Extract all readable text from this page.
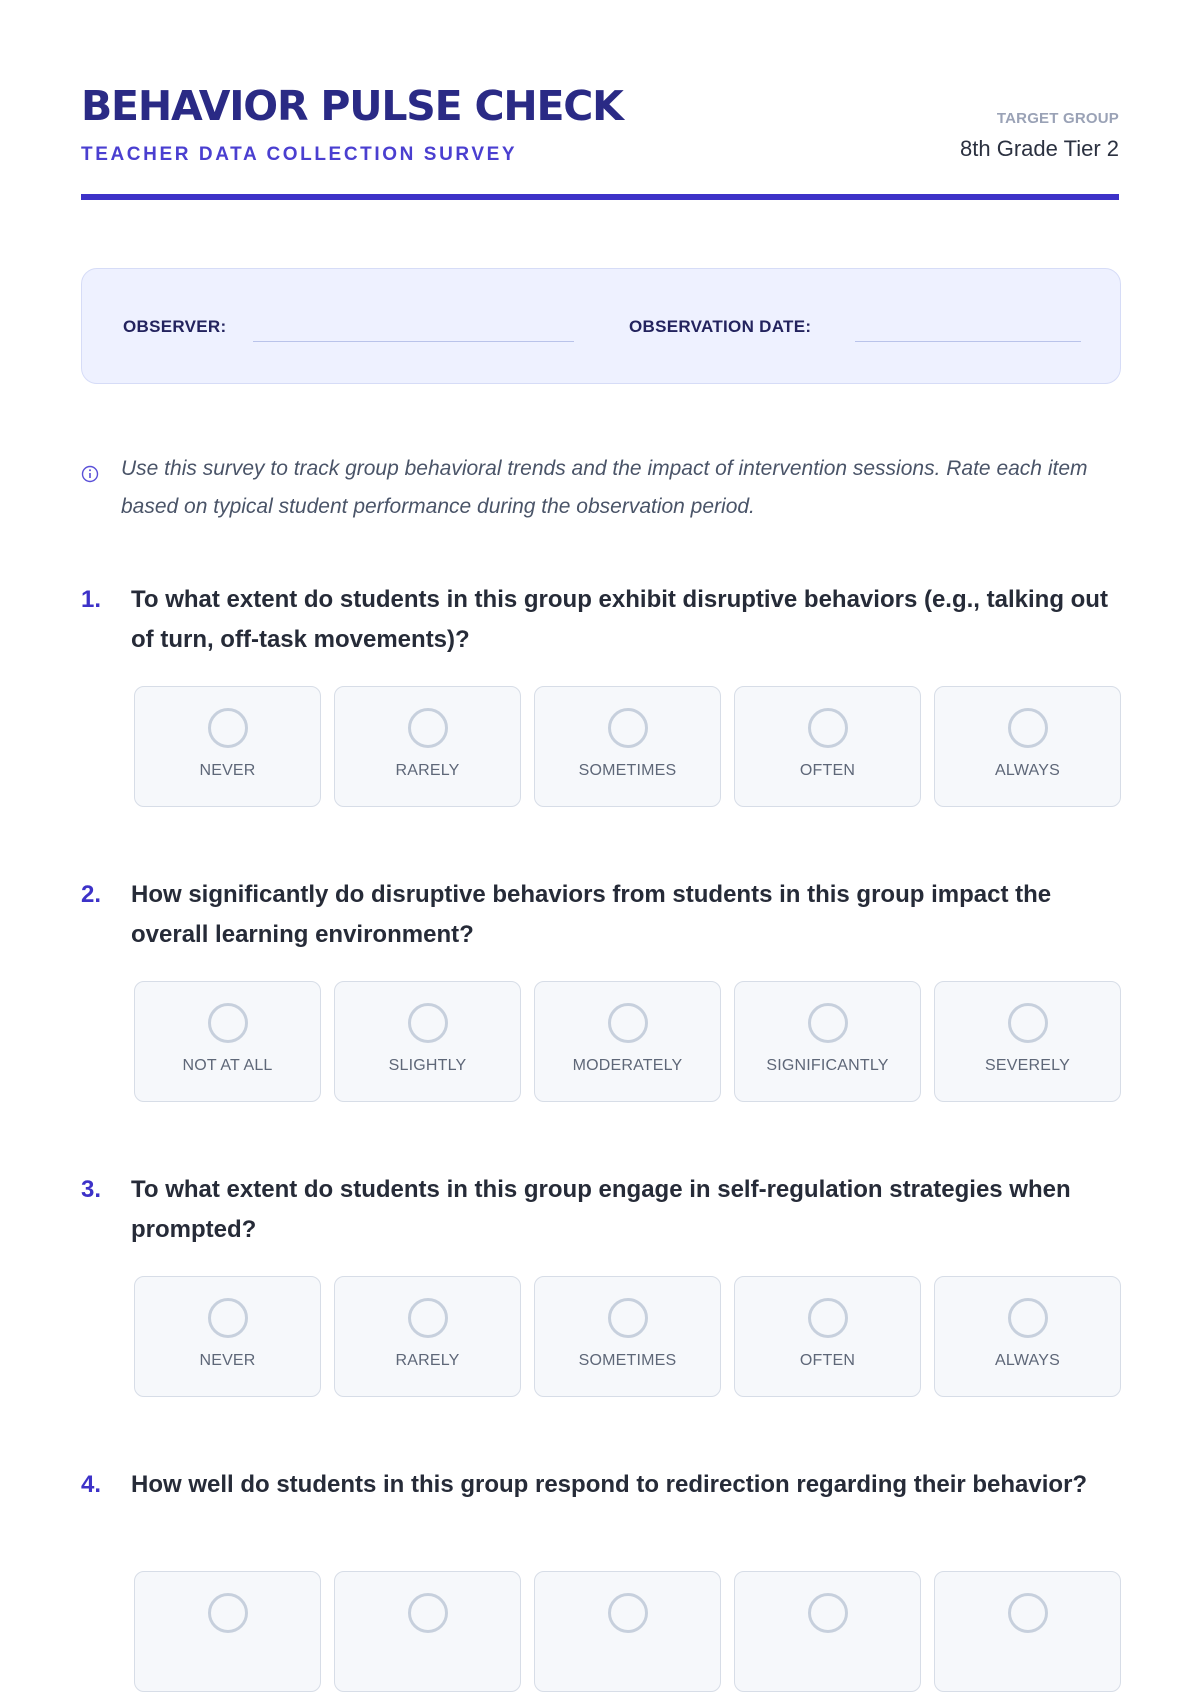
BEHAVIOR PULSE CHECK
TEACHER DATA COLLECTION SURVEY
TARGET GROUP
8th Grade Tier 2
OBSERVER:	OBSERVATION DATE:
Use this survey to track group behavioral trends and the impact of intervention sessions. Rate each item based on typical student performance during the observation period.
1. To what extent do students in this group exhibit disruptive behaviors (e.g., talking out of turn, off-task movements)?
NEVER	RARELY	SOMETIMES	OFTEN	ALWAYS
2. How significantly do disruptive behaviors from students in this group impact the overall learning environment?
NOT AT ALL	SLIGHTLY	MODERATELY	SIGNIFICANTLY	SEVERELY
3. To what extent do students in this group engage in self-regulation strategies when prompted?
NEVER	RARELY	SOMETIMES	OFTEN	ALWAYS
4. How well do students in this group respond to redirection regarding their behavior?
